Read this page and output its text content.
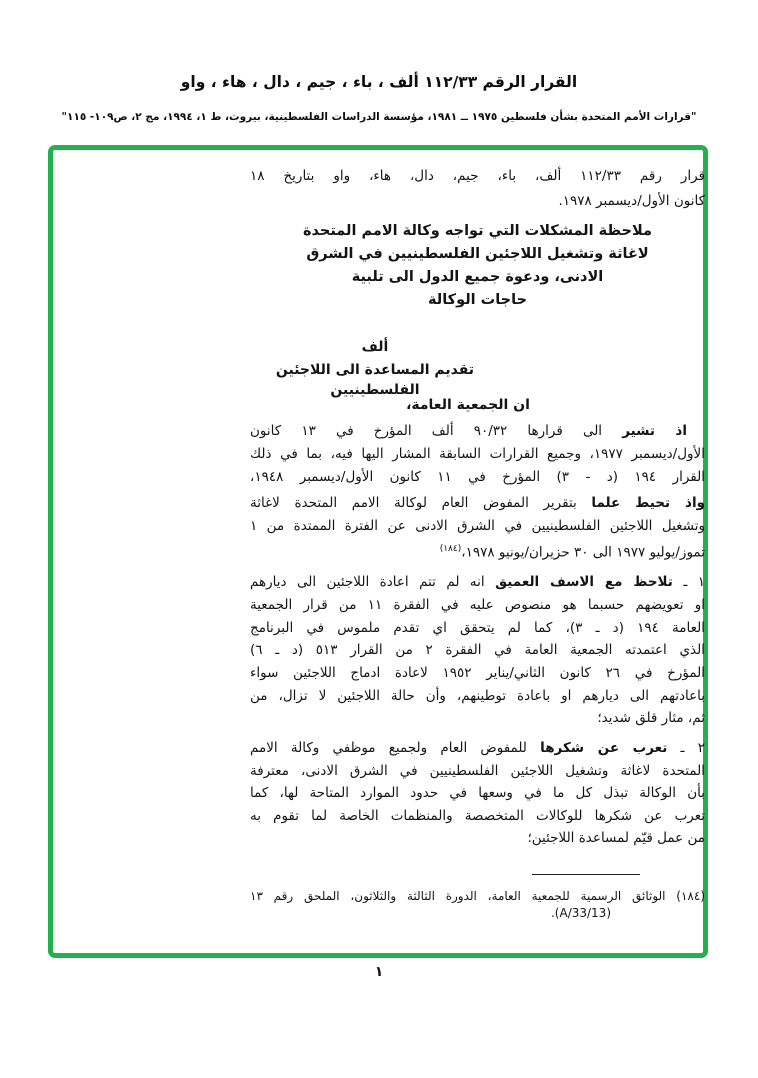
القرار الرقم ١١٢/٣٣ ألف ، باء ، جيم ، دال ، هاء ، واو
"قرارات الأمم المتحدة بشأن فلسطين ١٩٧٥ ــ ١٩٨١، مؤسسة الدراسات الفلسطينية، بيروت، ط ١، ١٩٩٤، مج ٢، ص١٠٩- ١١٥"
قرار رقم ١١٢/٣٣ ألف، باء، جيم، دال، هاء، واو بتاريخ ١٨
كانون الأول/ديسمبر ١٩٧٨.
ملاحظة المشكلات التي تواجه وكالة الامم المتحدة
لاغاثة وتشغيل اللاجئين الفلسطينيين في الشرق
الادنى، ودعوة جميع الدول الى تلبية
حاجات الوكالة
ألف
تقديم المساعدة الى اللاجئين الفلسطينيين
ان الجمعية العامة،
اذ تشير الى قرارها ٩٠/٣٢ ألف المؤرخ في ١٣ كانون
الأول/ديسمبر ١٩٧٧، وجميع القرارات السابقة المشار اليها فيه، بما في ذلك
القرار ١٩٤ (د - ٣) المؤرخ في ١١ كانون الأول/ديسمبر ١٩٤٨،
واذ تحيط علما بتقرير المفوض العام لوكالة الامم المتحدة لاغاثة
وتشغيل اللاجئين الفلسطينيين في الشرق الادنى عن الفترة الممتدة من ١
تموز/يوليو ١٩٧٧ الى ٣٠ حزيران/يونيو ١٩٧٨،$^{(١٨٤)}$
١ ـ تلاحظ مع الاسف العميق انه لم تتم اعادة اللاجئين الى ديارهم
او تعويضهم حسبما هو منصوص عليه في الفقرة ١١ من قرار الجمعية
العامة ١٩٤ (د ـ ٣)، كما لم يتحقق اي تقدم ملموس في البرنامج
الذي اعتمدته الجمعية العامة في الفقرة ٢ من القرار ٥١٣ (د ـ ٦)
المؤرخ في ٢٦ كانون الثاني/يناير ١٩٥٢ لاعادة ادماج اللاجئين سواء
باعادتهم الى ديارهم او باعادة توطينهم، وأن حالة اللاجئين لا تزال، من
ثم، مثار قلق شديد؛
٢ ـ تعرب عن شكرها للمفوض العام ولجميع موظفي وكالة الامم
المتحدة لاغاثة وتشغيل اللاجئين الفلسطينيين في الشرق الادنى، معترفة
بأن الوكالة تبذل كل ما في وسعها في حدود الموارد المتاحة لها، كما
تعرب عن شكرها للوكالات المتخصصة والمنظمات الخاصة لما تقوم به
من عمل قيّم لمساعدة اللاجئين؛
(١٨٤) الوثائق الرسمية للجمعية العامة، الدورة الثالثة والثلاثون، الملحق رقم ١٣
(A/33/13).
١
